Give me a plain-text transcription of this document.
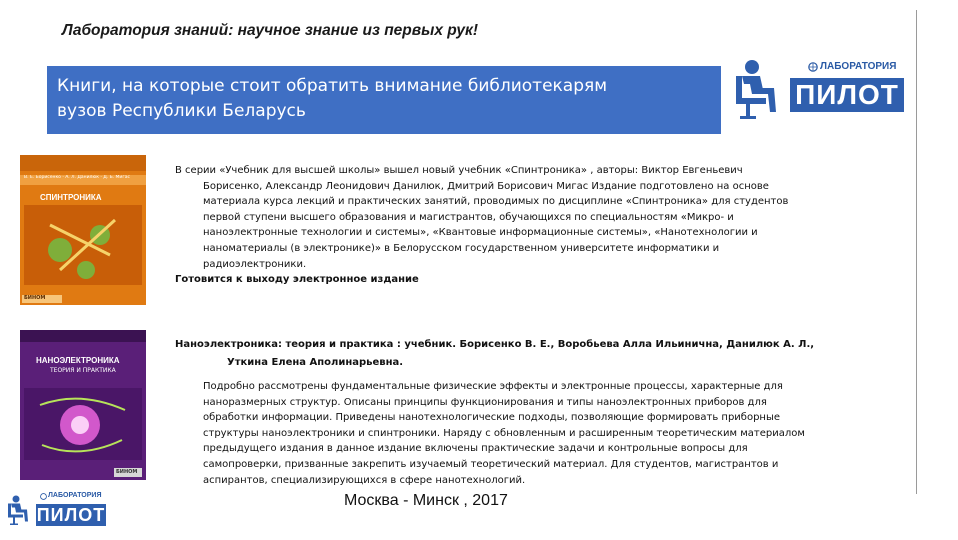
Лаборатория знаний: научное знание из первых рук!
Книги, на которые стоит обратить внимание библиотекарям
вузов Республики Беларусь
ЛАБОРАТОРИЯ
ПИЛОТ
В. Е. Борисенко · А. Л. Данилюк · Д. Б. Мигас
СПИНТРОНИКА
БИНОМ
НАНОЭЛЕКТРОНИКА
ТЕОРИЯ И ПРАКТИКА
БИНОМ
В серии «Учебник для высшей школы» вышел новый учебник «Спинтроника» , авторы: Виктор Евгеньевич
Борисенко, Александр Леонидович Данилюк, Дмитрий Борисович Мигас Издание подготовлено на основе
материала курса лекций и практических занятий, проводимых по дисциплине «Спинтроника» для студентов
первой ступени высшего образования и магистрантов, обучающихся по специальностям «Микро- и
наноэлектронные технологии и системы», «Квантовые информационные системы», «Нанотехнологии и
наноматериалы (в электронике)» в Белорусском государственном университете информатики и
радиоэлектроники.
Готовится к выходу электронное издание
Наноэлектроника: теория и практика : учебник. Борисенко В. Е., Воробьева Алла Ильинична, Данилюк А. Л.,
Уткина Елена Аполинарьевна.
Подробно рассмотрены фундаментальные физические эффекты и электронные процессы, характерные для
наноразмерных структур. Описаны принципы функционирования и типы наноэлектронных приборов для
обработки информации. Приведены нанотехнологические подходы, позволяющие формировать приборные
структуры наноэлектроники и спинтроники. Наряду с обновленным и расширенным теоретическим материалом
предыдущего издания в данное издание включены практические задачи и контрольные вопросы для
самопроверки, призванные закрепить изучаемый теоретический материал. Для студентов, магистрантов и
аспирантов, специализирующихся в сфере нанотехнологий.
ЛАБОРАТОРИЯ
ПИЛОТ
Москва - Минск , 2017
